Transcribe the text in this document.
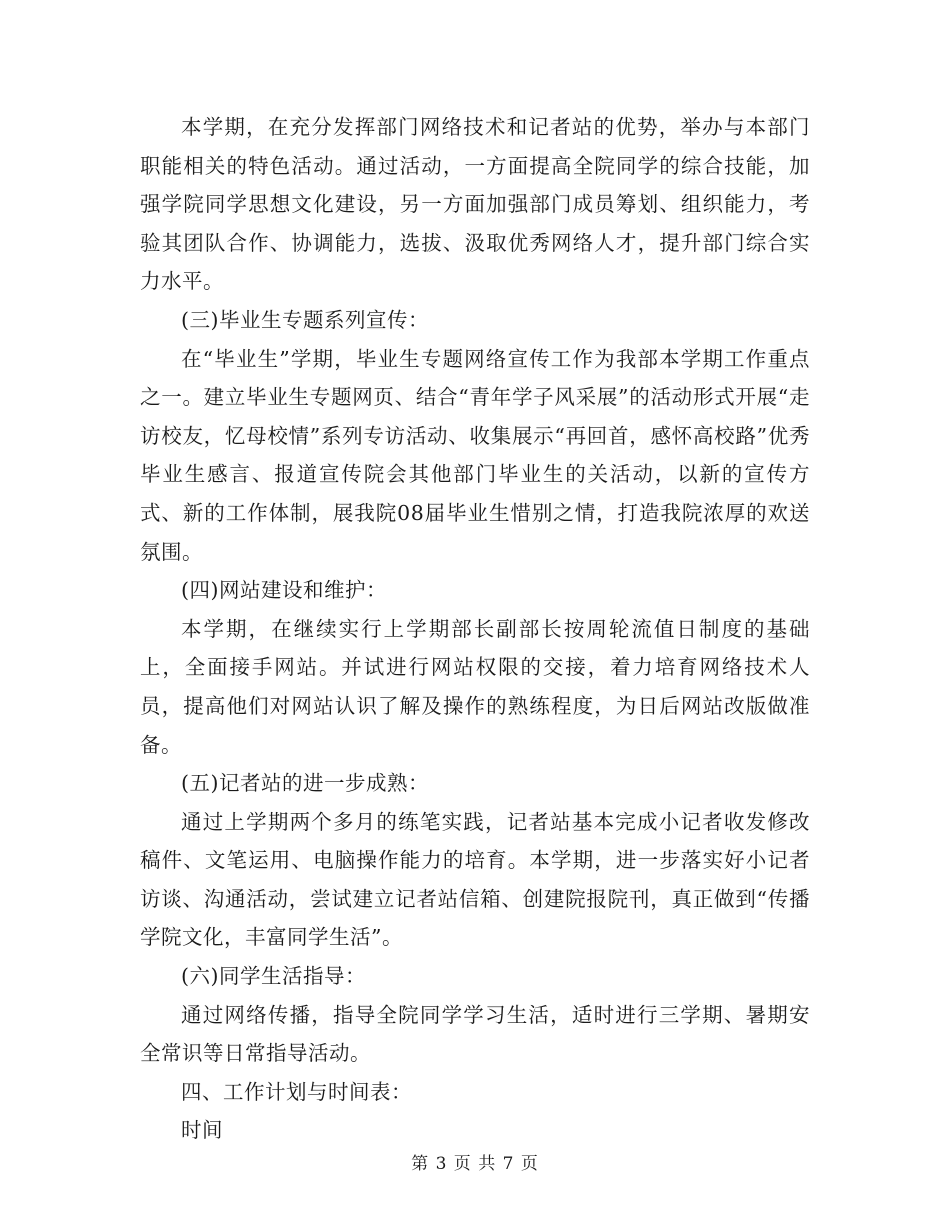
本学期，在充分发挥部门网络技术和记者站的优势，举办与本部门职能相关的特色活动。通过活动，一方面提高全院同学的综合技能，加强学院同学思想文化建设，另一方面加强部门成员筹划、组织能力，考验其团队合作、协调能力，选拔、汲取优秀网络人才，提升部门综合实力水平。

(三)毕业生专题系列宣传：

在“毕业生”学期，毕业生专题网络宣传工作为我部本学期工作重点之一。建立毕业生专题网页、结合“青年学子风采展”的活动形式开展“走访校友，忆母校情”系列专访活动、收集展示“再回首，感怀高校路”优秀毕业生感言、报道宣传院会其他部门毕业生的关活动，以新的宣传方式、新的工作体制，展我院08届毕业生惜别之情，打造我院浓厚的欢送氛围。

(四)网站建设和维护：

本学期，在继续实行上学期部长副部长按周轮流值日制度的基础上，全面接手网站。并试进行网站权限的交接，着力培育网络技术人员，提高他们对网站认识了解及操作的熟练程度，为日后网站改版做准备。

(五)记者站的进一步成熟：

通过上学期两个多月的练笔实践，记者站基本完成小记者收发修改稿件、文笔运用、电脑操作能力的培育。本学期，进一步落实好小记者访谈、沟通活动，尝试建立记者站信箱、创建院报院刊，真正做到“传播学院文化，丰富同学生活”。

(六)同学生活指导：

通过网络传播，指导全院同学学习生活，适时进行三学期、暑期安全常识等日常指导活动。

四、工作计划与时间表：

时间

第 3 页 共 7 页
